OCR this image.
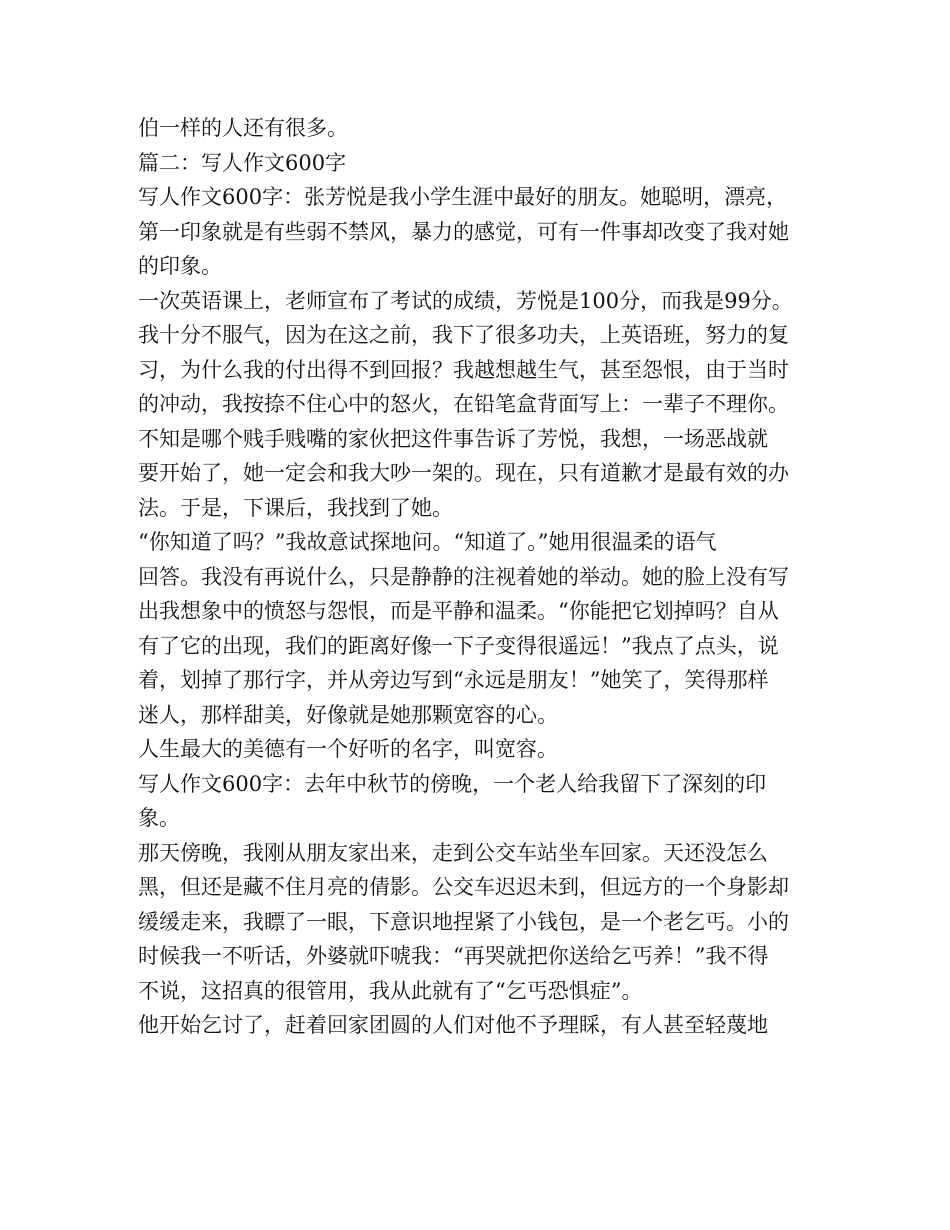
伯一样的人还有很多。
篇二：写人作文600字
写人作文600字：张芳悦是我小学生涯中最好的朋友。她聪明，漂亮，
第一印象就是有些弱不禁风，暴力的感觉，可有一件事却改变了我对她
的印象。
一次英语课上，老师宣布了考试的成绩，芳悦是100分，而我是99分。
我十分不服气，因为在这之前，我下了很多功夫，上英语班，努力的复
习，为什么我的付出得不到回报？我越想越生气，甚至怨恨，由于当时
的冲动，我按捺不住心中的怒火，在铅笔盒背面写上：一辈子不理你。
不知是哪个贱手贱嘴的家伙把这件事告诉了芳悦，我想，一场恶战就
要开始了，她一定会和我大吵一架的。现在，只有道歉才是最有效的办
法。于是，下课后，我找到了她。
“你知道了吗？”我故意试探地问。“知道了。”她用很温柔的语气
回答。我没有再说什么，只是静静的注视着她的举动。她的脸上没有写
出我想象中的愤怒与怨恨，而是平静和温柔。“你能把它划掉吗？自从
有了它的出现，我们的距离好像一下子变得很遥远！”我点了点头，说
着，划掉了那行字，并从旁边写到“永远是朋友！”她笑了，笑得那样
迷人，那样甜美，好像就是她那颗宽容的心。
人生最大的美德有一个好听的名字，叫宽容。
写人作文600字：去年中秋节的傍晚，一个老人给我留下了深刻的印
象。
那天傍晚，我刚从朋友家出来，走到公交车站坐车回家。天还没怎么
黑，但还是藏不住月亮的倩影。公交车迟迟未到，但远方的一个身影却
缓缓走来，我瞟了一眼，下意识地捏紧了小钱包，是一个老乞丐。小的
时候我一不听话，外婆就吓唬我：“再哭就把你送给乞丐养！”我不得
不说，这招真的很管用，我从此就有了“乞丐恐惧症”。
他开始乞讨了，赶着回家团圆的人们对他不予理睬，有人甚至轻蔑地
